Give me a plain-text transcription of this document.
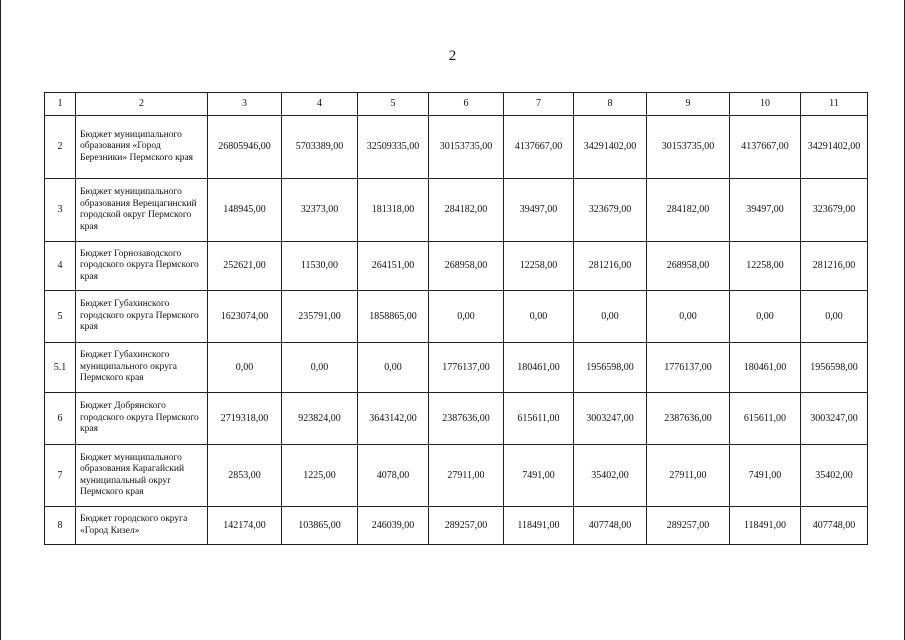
2
1	2	3	4	5	6	7	8	9	10	11
2	Бюджет муниципального образования «Город Березники» Пермского края	26805946,00	5703389,00	32509335,00	30153735,00	4137667,00	34291402,00	30153735,00	4137667,00	34291402,00
3	Бюджет муниципального образования Верещагинский городской округ Пермского края	148945,00	32373,00	181318,00	284182,00	39497,00	323679,00	284182,00	39497,00	323679,00
4	Бюджет Горнозаводского городского округа Пермского края	252621,00	11530,00	264151,00	268958,00	12258,00	281216,00	268958,00	12258,00	281216,00
5	Бюджет Губахинского городского округа Пермского края	1623074,00	235791,00	1858865,00	0,00	0,00	0,00	0,00	0,00	0,00
5.1	Бюджет Губахинского муниципального округа Пермского края	0,00	0,00	0,00	1776137,00	180461,00	1956598,00	1776137,00	180461,00	1956598,00
6	Бюджет Добрянского городского округа Пермского края	2719318,00	923824,00	3643142,00	2387636,00	615611,00	3003247,00	2387636,00	615611,00	3003247,00
7	Бюджет муниципального образования Карагайский муниципальный округ Пермского края	2853,00	1225,00	4078,00	27911,00	7491,00	35402,00	27911,00	7491,00	35402,00
8	Бюджет городского округа «Город Кизел»	142174,00	103865,00	246039,00	289257,00	118491,00	407748,00	289257,00	118491,00	407748,00
